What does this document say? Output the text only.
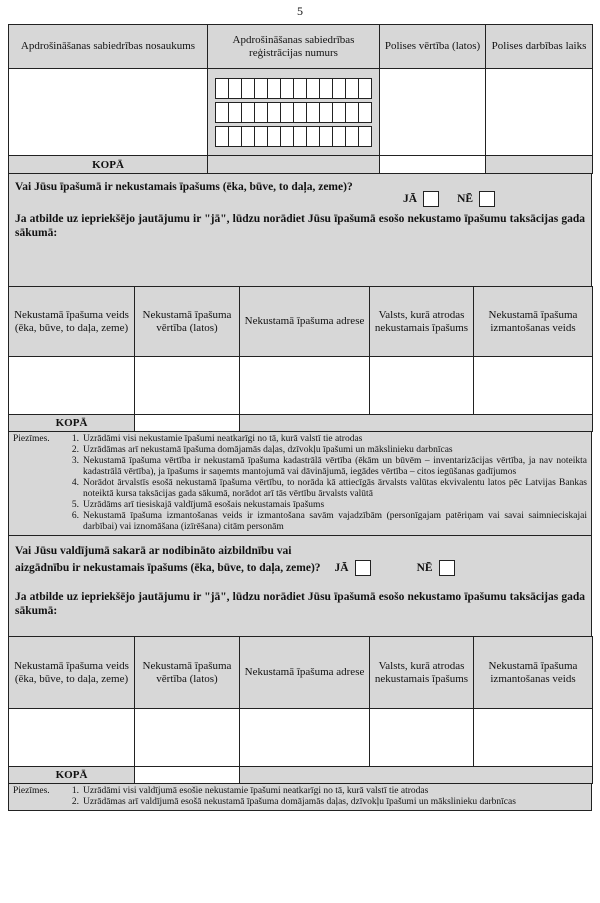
5
Apdrošināšanas sabiedrības nosaukums	Apdrošināšanas sabiedrības reģistrācijas numurs	Polises vērtība (latos)	Polises darbības laiks

KOPĀ			
Vai Jūsu īpašumā ir nekustamais īpašums (ēka, būve, to daļa, zeme)?
JĀ	NĒ
Ja atbilde uz iepriekšējo jautājumu ir "jā", lūdzu norādiet Jūsu īpašumā esošo nekustamo īpašumu taksācijas gada sākumā:
Nekustamā īpašuma veids (ēka, būve, to daļa, zeme)	Nekustamā īpašuma vērtība (latos)	Nekustamā īpašuma adrese	Valsts, kurā atrodas nekustamais īpašums	Nekustamā īpašuma izmantošanas veids

KOPĀ				
Piezīmes.	1. Uzrādāmi visi nekustamie īpašumi neatkarīgi no tā, kurā valstī tie atrodas
2. Uzrādāmas arī nekustamā īpašuma domājamās daļas, dzīvokļu īpašumi un mākslinieku darbnīcas
3. Nekustamā īpašuma vērtība ir nekustamā īpašuma kadastrālā vērtība (ēkām un būvēm – inventarizācijas vērtība, ja nav noteikta kadastrālā vērtība), ja īpašums ir saņemts mantojumā vai dāvinājumā, iegādes vērtība – citos iegūšanas gadījumos
4. Norādot ārvalstīs esošā nekustamā īpašuma vērtību, to norāda kā attiecīgās ārvalsts valūtas ekvivalentu latos pēc Latvijas Bankas noteiktā kursa taksācijas gada sākumā, norādot arī tās vērtību ārvalsts valūtā
5. Uzrādāms arī tiesiskajā valdījumā esošais nekustamais īpašums
6. Nekustamā īpašuma izmantošanas veids ir izmantošana savām vajadzībām (personīgajam patēriņam vai savai saimnieciskajai darbībai) vai iznomāšana (izīrēšana) citām personām
Vai Jūsu valdījumā sakarā ar nodibināto aizbildnību vai
aizgādnību ir nekustamais īpašums (ēka, būve, to daļa, zeme)? JĀ	NĒ
Ja atbilde uz iepriekšējo jautājumu ir "jā", lūdzu norādiet Jūsu īpašumā esošo nekustamo īpašumu taksācijas gada sākumā:
Nekustamā īpašuma veids (ēka, būve, to daļa, zeme)	Nekustamā īpašuma vērtība (latos)	Nekustamā īpašuma adrese	Valsts, kurā atrodas nekustamais īpašums	Nekustamā īpašuma izmantošanas veids

KOPĀ				
Piezīmes.	1. Uzrādāmi visi valdījumā esošie nekustamie īpašumi neatkarīgi no tā, kurā valstī tie atrodas
2. Uzrādāmas arī valdījumā esošā nekustamā īpašuma domājamās daļas, dzīvokļu īpašumi un mākslinieku darbnīcas
